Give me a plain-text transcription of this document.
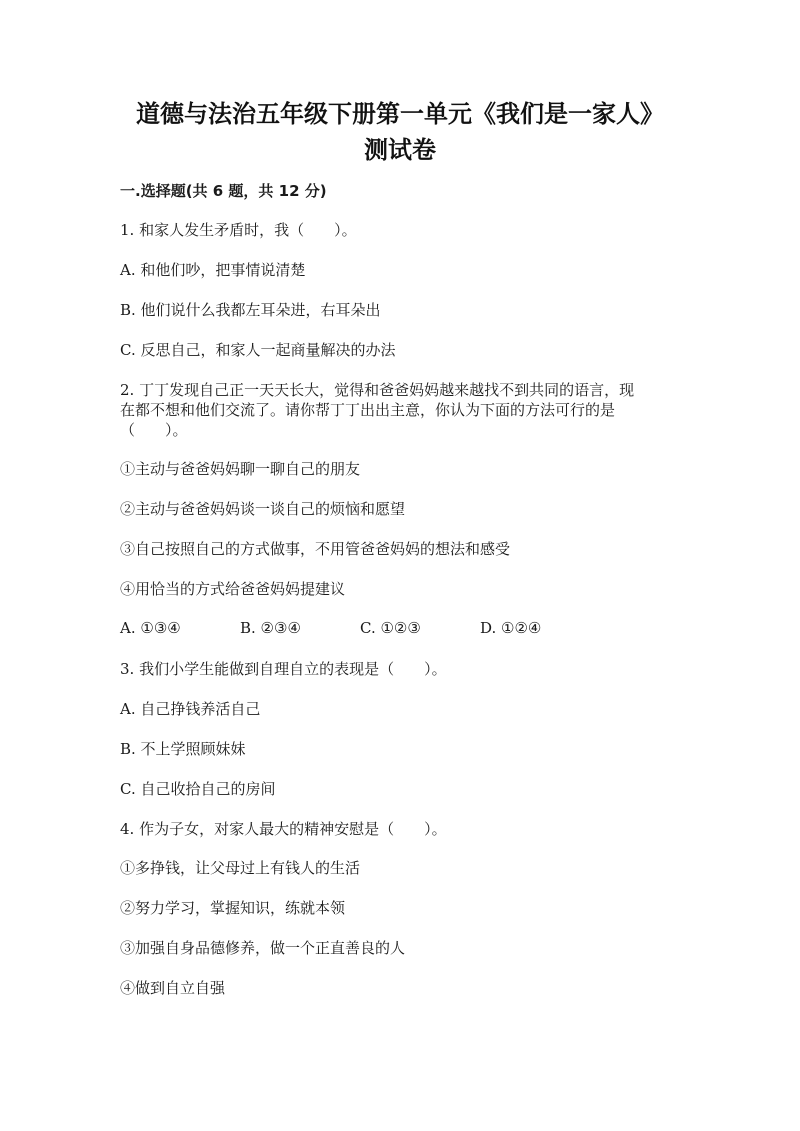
道德与法治五年级下册第一单元《我们是一家人》
测试卷
一.选择题(共 6 题，共 12 分)
1. 和家人发生矛盾时，我（　　）。
A. 和他们吵，把事情说清楚
B. 他们说什么我都左耳朵进，右耳朵出
C. 反思自己，和家人一起商量解决的办法
2. 丁丁发现自己正一天天长大，觉得和爸爸妈妈越来越找不到共同的语言，现
在都不想和他们交流了。请你帮丁丁出出主意，你认为下面的方法可行的是
（　　）。
①主动与爸爸妈妈聊一聊自己的朋友
②主动与爸爸妈妈谈一谈自己的烦恼和愿望
③自己按照自己的方式做事，不用管爸爸妈妈的想法和感受
④用恰当的方式给爸爸妈妈提建议
A. ①③④	B. ②③④	C. ①②③	D. ①②④
3. 我们小学生能做到自理自立的表现是（　　）。
A. 自己挣钱养活自己
B. 不上学照顾妹妹
C. 自己收拾自己的房间
4. 作为子女，对家人最大的精神安慰是（　　）。
①多挣钱，让父母过上有钱人的生活
②努力学习，掌握知识，练就本领
③加强自身品德修养，做一个正直善良的人
④做到自立自强
